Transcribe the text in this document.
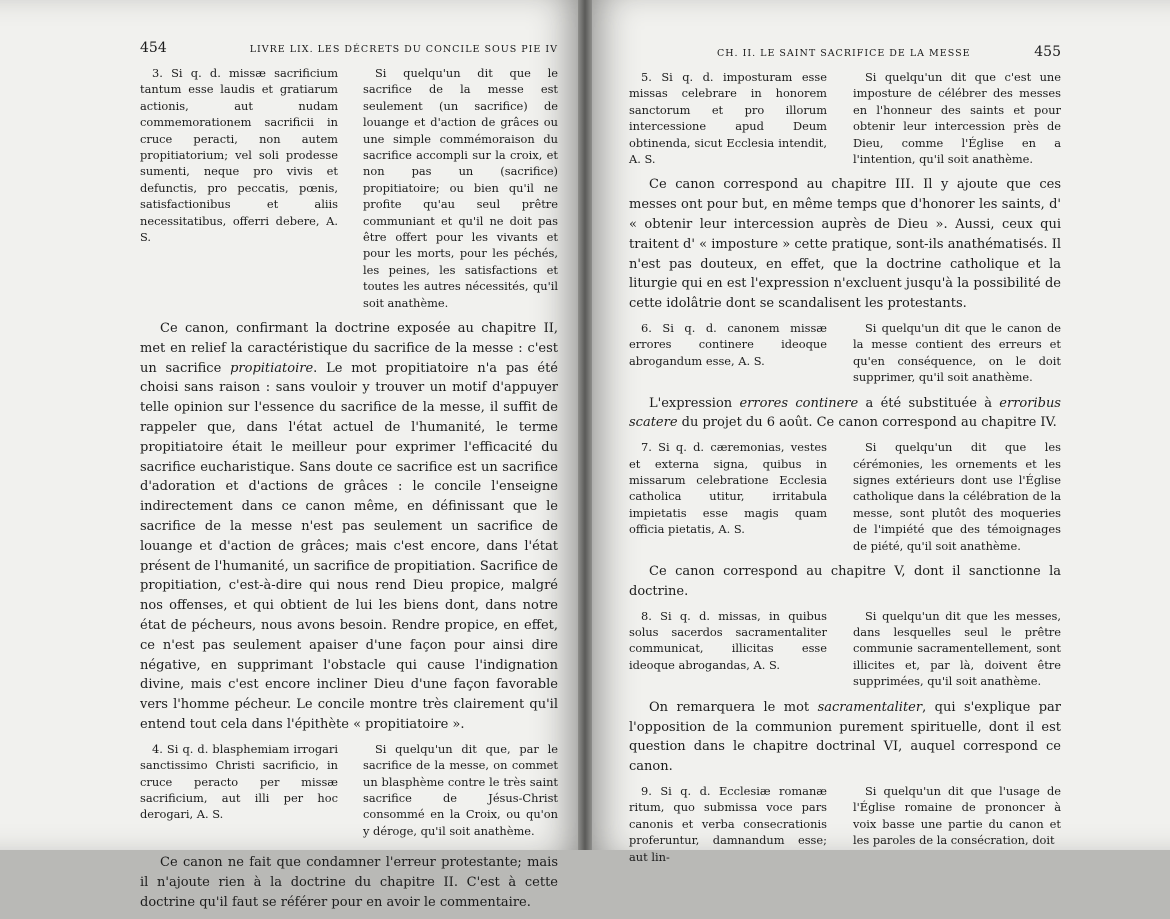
454	LIVRE LIX. LES DÉCRETS DU CONCILE SOUS PIE IV
3. Si q. d. missæ sacrificium tantum esse laudis et gratiarum actionis, aut nudam commemorationem sacrificii in cruce peracti, non autem propitiatorium; vel soli prodesse sumenti, neque pro vivis et defunctis, pro peccatis, pœnis, satisfactionibus et aliis necessitatibus, offerri debere, A. S.
Si quelqu'un dit que le sacrifice de la messe est seulement (un sacrifice) de louange et d'action de grâces ou une simple commémoraison du sacrifice accompli sur la croix, et non pas un (sacrifice) propitiatoire; ou bien qu'il ne profite qu'au seul prêtre communiant et qu'il ne doit pas être offert pour les vivants et pour les morts, pour les péchés, les peines, les satisfactions et toutes les autres nécessités, qu'il soit anathème.

Ce canon, confirmant la doctrine exposée au chapitre II, met en relief la caractéristique du sacrifice de la messe : c'est un sacrifice propitiatoire. Le mot propitiatoire n'a pas été choisi sans raison : sans vouloir y trouver un motif d'appuyer telle opinion sur l'essence du sacrifice de la messe, il suffit de rappeler que, dans l'état actuel de l'humanité, le terme propitiatoire était le meilleur pour exprimer l'efficacité du sacrifice eucharistique. Sans doute ce sacrifice est un sacrifice d'adoration et d'actions de grâces : le concile l'enseigne indirectement dans ce canon même, en définissant que le sacrifice de la messe n'est pas seulement un sacrifice de louange et d'action de grâces; mais c'est encore, dans l'état présent de l'humanité, un sacrifice de propitiation. Sacrifice de propitiation, c'est-à-dire qui nous rend Dieu propice, malgré nos offenses, et qui obtient de lui les biens dont, dans notre état de pécheurs, nous avons besoin. Rendre propice, en effet, ce n'est pas seulement apaiser d'une façon pour ainsi dire négative, en supprimant l'obstacle qui cause l'indignation divine, mais c'est encore incliner Dieu d'une façon favorable vers l'homme pécheur. Le concile montre très clairement qu'il entend tout cela dans l'épithète « propitiatoire ».

4. Si q. d. blasphemiam irrogari sanctissimo Christi sacrificio, in cruce peracto per missæ sacrificium, aut illi per hoc derogari, A. S.
Si quelqu'un dit que, par le sacrifice de la messe, on commet un blasphème contre le très saint sacrifice de Jésus-Christ consommé en la Croix, ou qu'on y déroge, qu'il soit anathème.

Ce canon ne fait que condamner l'erreur protestante; mais il n'ajoute rien à la doctrine du chapitre II. C'est à cette doctrine qu'il faut se référer pour en avoir le commentaire.

CH. II. LE SAINT SACRIFICE DE LA MESSE	455
5. Si q. d. imposturam esse missas celebrare in honorem sanctorum et pro illorum intercessione apud Deum obtinenda, sicut Ecclesia intendit, A. S.
Si quelqu'un dit que c'est une imposture de célébrer des messes en l'honneur des saints et pour obtenir leur intercession près de Dieu, comme l'Église en a l'intention, qu'il soit anathème.

Ce canon correspond au chapitre III. Il y ajoute que ces messes ont pour but, en même temps que d'honorer les saints, d' « obtenir leur intercession auprès de Dieu ». Aussi, ceux qui traitent d' « imposture » cette pratique, sont-ils anathématisés. Il n'est pas douteux, en effet, que la doctrine catholique et la liturgie qui en est l'expression n'excluent jusqu'à la possibilité de cette idolâtrie dont se scandalisent les protestants.

6. Si q. d. canonem missæ errores continere ideoque abrogandum esse, A. S.
Si quelqu'un dit que le canon de la messe contient des erreurs et qu'en conséquence, on le doit supprimer, qu'il soit anathème.

L'expression errores continere a été substituée à erroribus scatere du projet du 6 août. Ce canon correspond au chapitre IV.

7. Si q. d. cæremonias, vestes et externa signa, quibus in missarum celebratione Ecclesia catholica utitur, irritabula impietatis esse magis quam officia pietatis, A. S.
Si quelqu'un dit que les cérémonies, les ornements et les signes extérieurs dont use l'Église catholique dans la célébration de la messe, sont plutôt des moqueries de l'impiété que des témoignages de piété, qu'il soit anathème.

Ce canon correspond au chapitre V, dont il sanctionne la doctrine.

8. Si q. d. missas, in quibus solus sacerdos sacramentaliter communicat, illicitas esse ideoque abrogandas, A. S.
Si quelqu'un dit que les messes, dans lesquelles seul le prêtre communie sacramentellement, sont illicites et, par là, doivent être supprimées, qu'il soit anathème.

On remarquera le mot sacramentaliter, qui s'explique par l'opposition de la communion purement spirituelle, dont il est question dans le chapitre doctrinal VI, auquel correspond ce canon.

9. Si q. d. Ecclesiæ romanæ ritum, quo submissa voce pars canonis et verba consecrationis proferuntur, damnandum esse; aut lin-
Si quelqu'un dit que l'usage de l'Église romaine de prononcer à voix basse une partie du canon et les paroles de la consécration, doit
